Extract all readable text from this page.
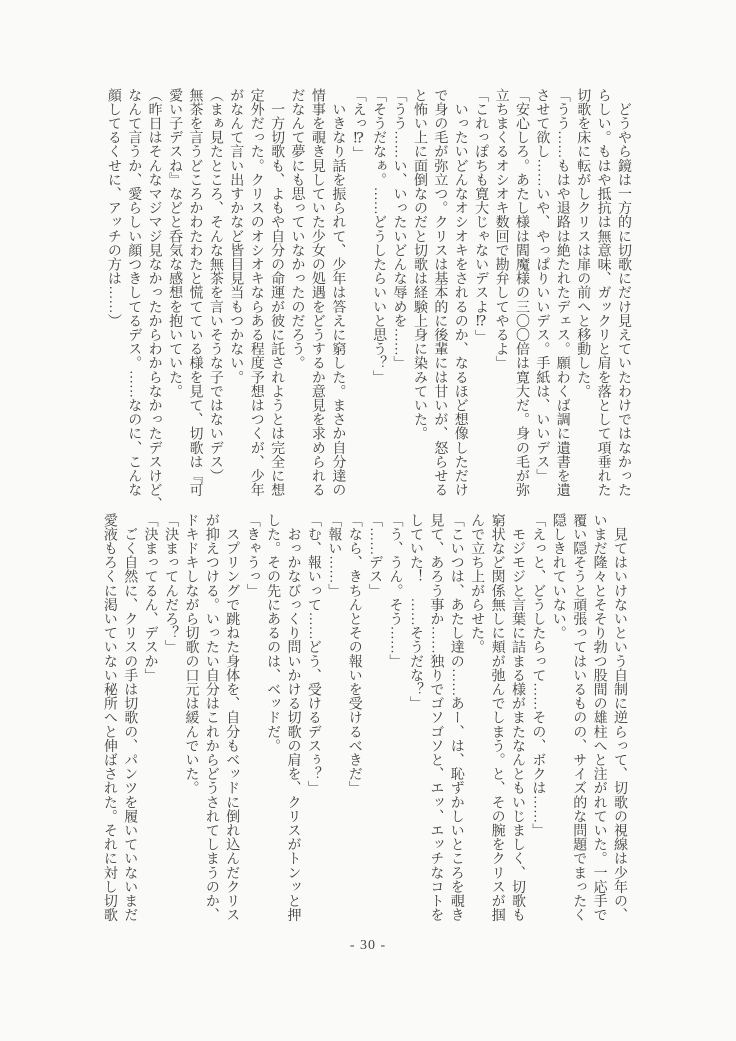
　どうやら鏡は一方的に切歌にだけ見えていたわけではなかった

らしい。もはや抵抗は無意味、ガックリと肩を落として項垂れた

切歌を床に転がしクリスは扉の前へと移動した。

「うう……もはや退路は絶たれたデェス。願わくば調に遺書を遺

させて欲し……いや、やっぱりいいデス。手紙は、いいデス」

「安心しろ。あたし様は閻魔様の三〇〇倍は寛大だ。身の毛が弥

立ちまくるオシオキ数回で勘弁してやるよ」

「これっぽちも寛大じゃないデスよ⁉」

　いったいどんなオシオキをされるのか、なるほど想像しただけ

で身の毛が弥立つ。クリスは基本的に後輩には甘いが、怒らせる

と怖い上に面倒なのだと切歌は経験上身に染みていた。

「うう……い、いったいどんな辱めを……」

「そうだなぁ。……どうしたらいいと思う？」

「えっ⁉」

　いきなり話を振られて、少年は答えに窮した。まさか自分達の

情事を覗き見していた少女の処遇をどうするか意見を求められる

だなんて夢にも思っていなかったのだろう。

　一方切歌も、よもや自分の命運が彼に託されようとは完全に想

定外だった。クリスのオシオキならある程度予想はつくが、少年

がなんて言い出すかなど皆目見当もつかない。

（まぁ見たところ、そんな無茶を言いそうな子ではないデス）

無茶を言うどころかわたわたと慌てている様を見て、切歌は『可

愛い子デスね』などと呑気な感想を抱いていた。

（昨日はそんなマジマジ見なかったからわからなかったデスけど、

なんて言うか、愛らしい顔つきしてるデス。……なのに、こんな

顔してるくせに、アッチの方は……）

　見てはいけないという自制に逆らって、切歌の視線は少年の、

いまだ隆々とそそり勃つ股間の雄柱へと注がれていた。一応手で

覆い隠そうと頑張ってはいるものの、サイズ的な問題でまったく

隠しきれていない。

「えっと、どうしたらって……その、ボクは……」

　モジモジと言葉に詰まる様がまたなんともいじましく、切歌も

窮状など関係無しに頬が弛んでしまう。と、その腕をクリスが掴

んで立ち上がらせた。

「こいつは、あたし達の……あー、は、恥ずかしいところを覗き

見て、あろう事か……独りでゴソゴソと、エッ、エッチなコトを

していた！　……そうだな？」

「う、うん。そう……」

「……デス」

「なら、きちんとその報いを受けるべきだ」

「報い……」

「む、報いって……どう、受けるデスぅ？」

　おっかなびっくり問いかける切歌の肩を、クリスがトンッと押

した。その先にあるのは、ベッドだ。

「きゃうっ」

　スプリングで跳ねた身体を、自分もベッドに倒れ込んだクリス

が抑えつける。いったい自分はこれからどうされてしまうのか、

ドキドキしながら切歌の口元は緩んでいた。

「決まってんだろ？」

「決まってるん、デスか」

　ごく自然に、クリスの手は切歌の、パンツを履いていないまだ

愛液もろくに渇いていない秘所へと伸ばされた。それに対し切歌

- 30 -
